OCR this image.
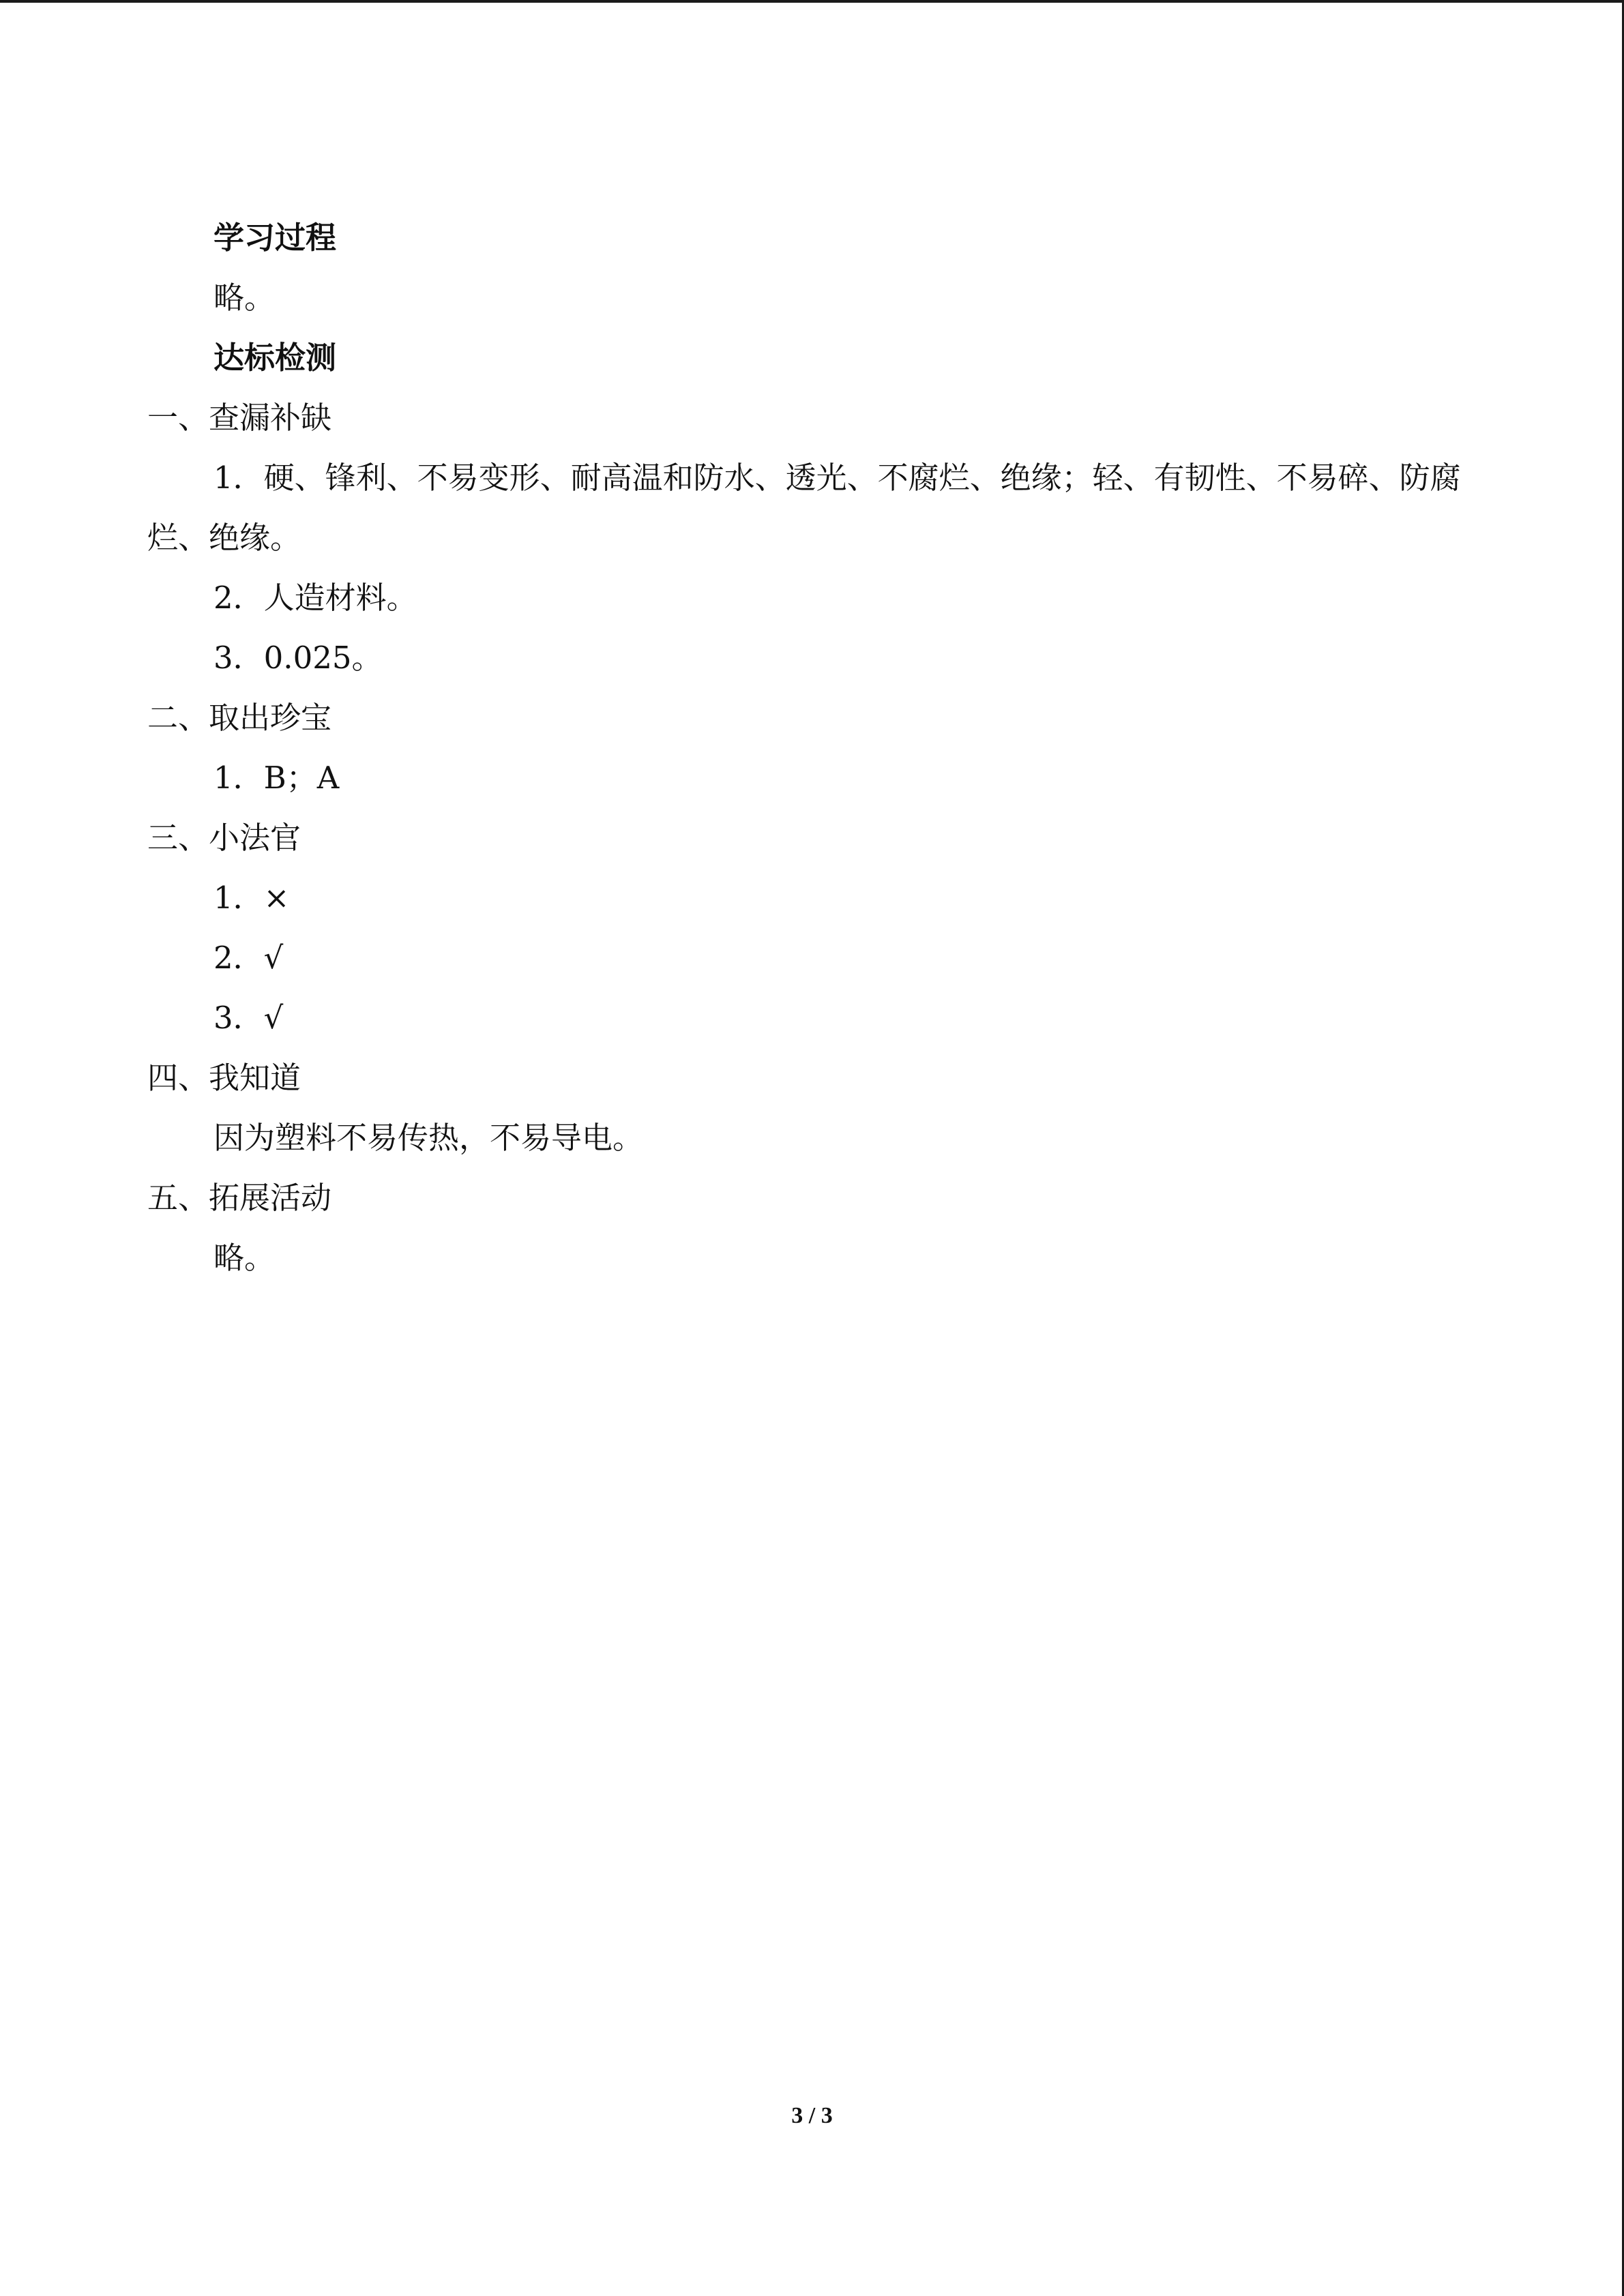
学习过程
略。
达标检测
一、查漏补缺
1．硬、锋利、不易变形、耐高温和防水、透光、不腐烂、绝缘；轻、有韧性、不易碎、防腐烂、绝缘。
2．人造材料。
3．0.025。
二、取出珍宝
1．B；A
三、小法官
1．×
2．√
3．√
四、我知道
因为塑料不易传热，不易导电。
五、拓展活动
略。
3 / 3
